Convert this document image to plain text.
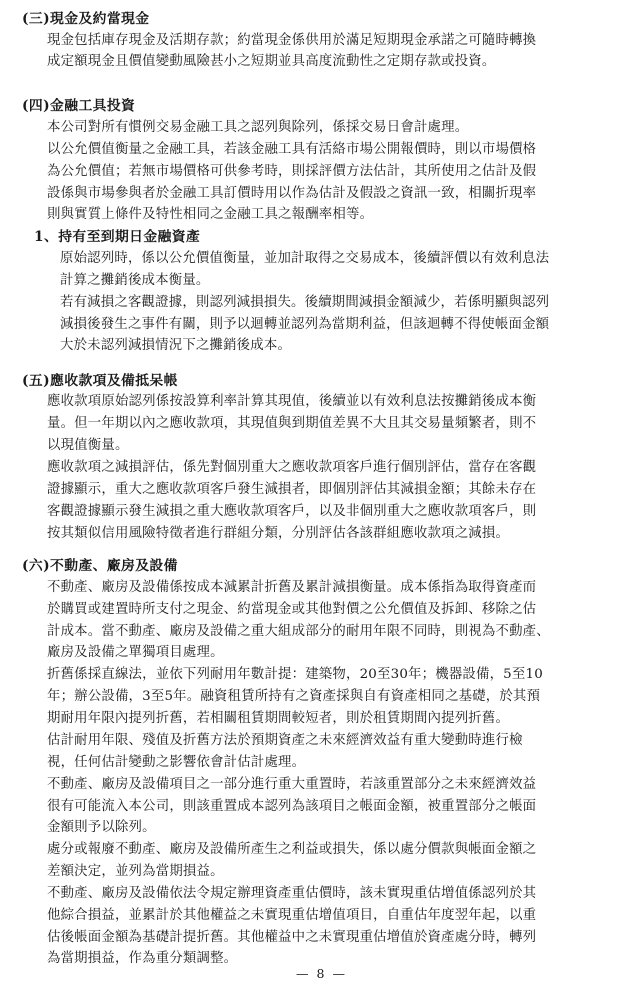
(三)現金及約當現金
現金包括庫存現金及活期存款；約當現金係供用於滿足短期現金承諾之可隨時轉換
成定額現金且價值變動風險甚小之短期並具高度流動性之定期存款或投資。
(四)金融工具投資
本公司對所有慣例交易金融工具之認列與除列，係採交易日會計處理。
以公允價值衡量之金融工具，若該金融工具有活絡市場公開報價時，則以市場價格
為公允價值；若無市場價格可供參考時，則採評價方法估計，其所使用之估計及假
設係與市場參與者於金融工具訂價時用以作為估計及假設之資訊一致，相關折現率
則與實質上條件及特性相同之金融工具之報酬率相等。
1、持有至到期日金融資產
原始認列時，係以公允價值衡量，並加計取得之交易成本，後續評價以有效利息法
計算之攤銷後成本衡量。
若有減損之客觀證據，則認列減損損失。後續期間減損金額減少，若係明顯與認列
減損後發生之事件有關，則予以迴轉並認列為當期利益，但該迴轉不得使帳面金額
大於未認列減損情況下之攤銷後成本。
(五)應收款項及備抵呆帳
應收款項原始認列係按設算利率計算其現值，後續並以有效利息法按攤銷後成本衡
量。但一年期以內之應收款項，其現值與到期值差異不大且其交易量頻繁者，則不
以現值衡量。
應收款項之減損評估，係先對個別重大之應收款項客戶進行個別評估，當存在客觀
證據顯示，重大之應收款項客戶發生減損者，即個別評估其減損金額；其餘未存在
客觀證據顯示發生減損之重大應收款項客戶，以及非個別重大之應收款項客戶，則
按其類似信用風險特徵者進行群組分類，分別評估各該群組應收款項之減損。
(六)不動產、廠房及設備
不動產、廠房及設備係按成本減累計折舊及累計減損衡量。成本係指為取得資產而
於購買或建置時所支付之現金、約當現金或其他對價之公允價值及拆卸、移除之估
計成本。當不動產、廠房及設備之重大組成部分的耐用年限不同時，則視為不動產、
廠房及設備之單獨項目處理。
折舊係採直線法，並依下列耐用年數計提：建築物，20至30年；機器設備，5至10
年；辦公設備，3至5年。融資租賃所持有之資產採與自有資產相同之基礎，於其預
期耐用年限內提列折舊，若相關租賃期間較短者，則於租賃期間內提列折舊。
估計耐用年限、殘值及折舊方法於預期資產之未來經濟效益有重大變動時進行檢
視，任何估計變動之影響依會計估計處理。
不動產、廠房及設備項目之一部分進行重大重置時，若該重置部分之未來經濟效益
很有可能流入本公司，則該重置成本認列為該項目之帳面金額，被重置部分之帳面
金額則予以除列。
處分或報廢不動產、廠房及設備所產生之利益或損失，係以處分價款與帳面金額之
差額決定，並列為當期損益。
不動產、廠房及設備依法令規定辦理資產重估價時，該未實現重估增值係認列於其
他綜合損益，並累計於其他權益之未實現重估增值項目，自重估年度翌年起，以重
估後帳面金額為基礎計提折舊。其他權益中之未實現重估增值於資產處分時，轉列
為當期損益，作為重分類調整。
— 8 —
